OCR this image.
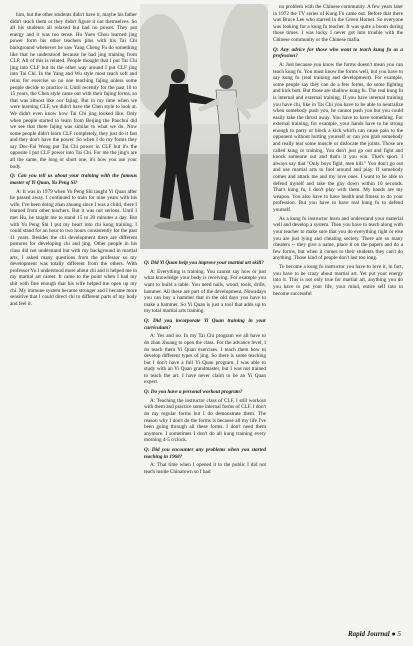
him, but the other students didn't have it, maybe his father didn't teach them or they didn't figure it out themselves. So all his students all relaxed but had no power. They put energy and it was too tense. Hu Yuen Chou learned jing power form his other teachers plus with his Tai Chi background whenever he saw Yang Cheng Fu do something like that he understood because he had jing training from CLF. All of this is related. People thought that I put Tai Chi jing into CLF but its the other way around I put CLF jing into Tai Chi. In the Yang and Wu style most teach soft and relax for exercise so no one teaching fajing unless some people decide to practice it. Until recently for the past 10 to 15 years, the Chen style came out with their fajing forms, so that was almost like our fajing. But in my time when we were learning CLF, we didn't have the Chen style to look at. We didn't even know how Tai Chi jing looked like. Only when people started to learn from Beijing the Paochui did we see that there fajing was similar to what we do. Now some people didn't learn CLF completely, they just do it fast and they don't have the power. So when I do my forms they say Doc-Fai Wong put Tai Chi power in CLF but it's the opposite I put CLF power into Tai Chi. For me the jing's are all the same, the long or short one, it's how you use your body.

Q: Can you tell us about your training with the famous master of Yi Quan, Yu Peng Si?

A: It was in 1979 when Yu Peng Shi taught Yi Quan after he passed away. I continued to train for nine years with his wife. I've been doing zhan zhuang since I was a child, there I learned from other teachers. But it was not serious. Until I met Hu, he taught me to stand 15 to 20 minutes a day. But with Yu Peng Shi I put my heart into chi kung training. I could stand for an hour to two hours consistently for the past 11 years. Besides the chi development there are different postures for developing chi and jing. Other people in his class did not understand but with my background in martial arts, I asked many questions from the professor so my development was totally different from the others. With professor Yu I understood more about chi and it helped me in my martial art career. It came to the point when I had my shit with fine enough that his wife helped me open up my chi. My immune system became stronger and I became more sensitive that I could direct chi to different parts of my body and feel it.

Q: Did Yi Quan help you improve your martial art skill?

A: Everything is training. You cannot say how or just what knowledge your body is receiving. For example you want to build a table. You need nails, wood, tools, drills, hammer. All these are part of the development. Nowadays you can buy a hammer that in the old days you have to make a hammer. So Yi Quan is just a tool that adds up to my total martial arts training.

Q: Did you incorporate Yi Quan training in your curriculum?

A: Yes and no. In my Tai Chi program we all have to do zhan zhuang to open the class. For the advance level, I do teach them Yi Quan exercises. I teach them how to develop different types of jing. So there is some teaching but I don't have a full Yi Quan program. I was able to study with an Yi Quan grandmaster, but I was not trained to teach the art. I have never claim to be an Yi Quan expert.

Q: Do you have a personal workout program?

A: Teaching the instructor class of CLF, I still workout with them and practice some internal forms of CLF. I don't do my regular forms but I do demonstrate them. The reason why I don't do the forms is because all my life I've been going through all these forms. I don't need them anymore. I sometimes I don't do all kung training every morning 4-5 o'clock.

Q: Did you encounter any problems when you started teaching in 1968?

A: That time when I opened it to the public I did not teach inside Chinatown so I had

no problem with the Chinese community. A few years later in 1972 the TV series of Kung Fu came out. Before that there was Bruce Lee who starred in the Green Hornet. So everyone was looking for a kung fu teacher. It was quite a boom during those times. I was lucky I never got into trouble with the Chinese community or the Chinese mafia.

Q: Any advice for those who want to teach kung fu as a profession?

A: Just because you know the forms doesn't mean you can teach kung fu. You must know the forms well, but you have to say kung fu (real training and development). For example, some people say they can do a few forms, do some fighting and kick butt. But those are shallow kung fu. The real kung fu is internal and external training. If you have internal training you have chi, like in Tai Chi you have to be able to neutralize when somebody push you, he cannot push you but you could easily take the thrust away. You have to have something. For external training, for example, your hands have to be strong enough to parry or block a kick which can cause pain to the opponent without hurting yourself or can you grab somebody and really tear some muscle or dislocate the joints. Those are called kung or training. You don't just go out and fight and knock someone out and that's it you win. That's sport. I always say that "Only boys fight, men kill." You don't go out and use martial arts to fool around and play. If somebody comes and attack me and my love ones. I want to be able to defend myself and take the guy down within 10 seconds. That's kung fu, I don't play with them. My hands are my weapon. You also have to have health and fitness to do your profession. But you have to have real kung fu to defend yourself.

As a kung fu instructor learn and understand your material well and develop a system. Then you have to teach along with your teacher to make sure that you do everything right or else you are just lying and cheating society. There are so many cheaters -- they give a name, place it on the papers and do a few forms, but when it comes to their students they can't do anything. Those kind of people don't last too long.

To become a kung fu instructor you have to love it, in fact, you have to be crazy about martial art. Yet put your energy into it. This is not only true for martial art, anything you do you have to put your life, your mind, entire self into to become successful

Rapid Journal ● 5
